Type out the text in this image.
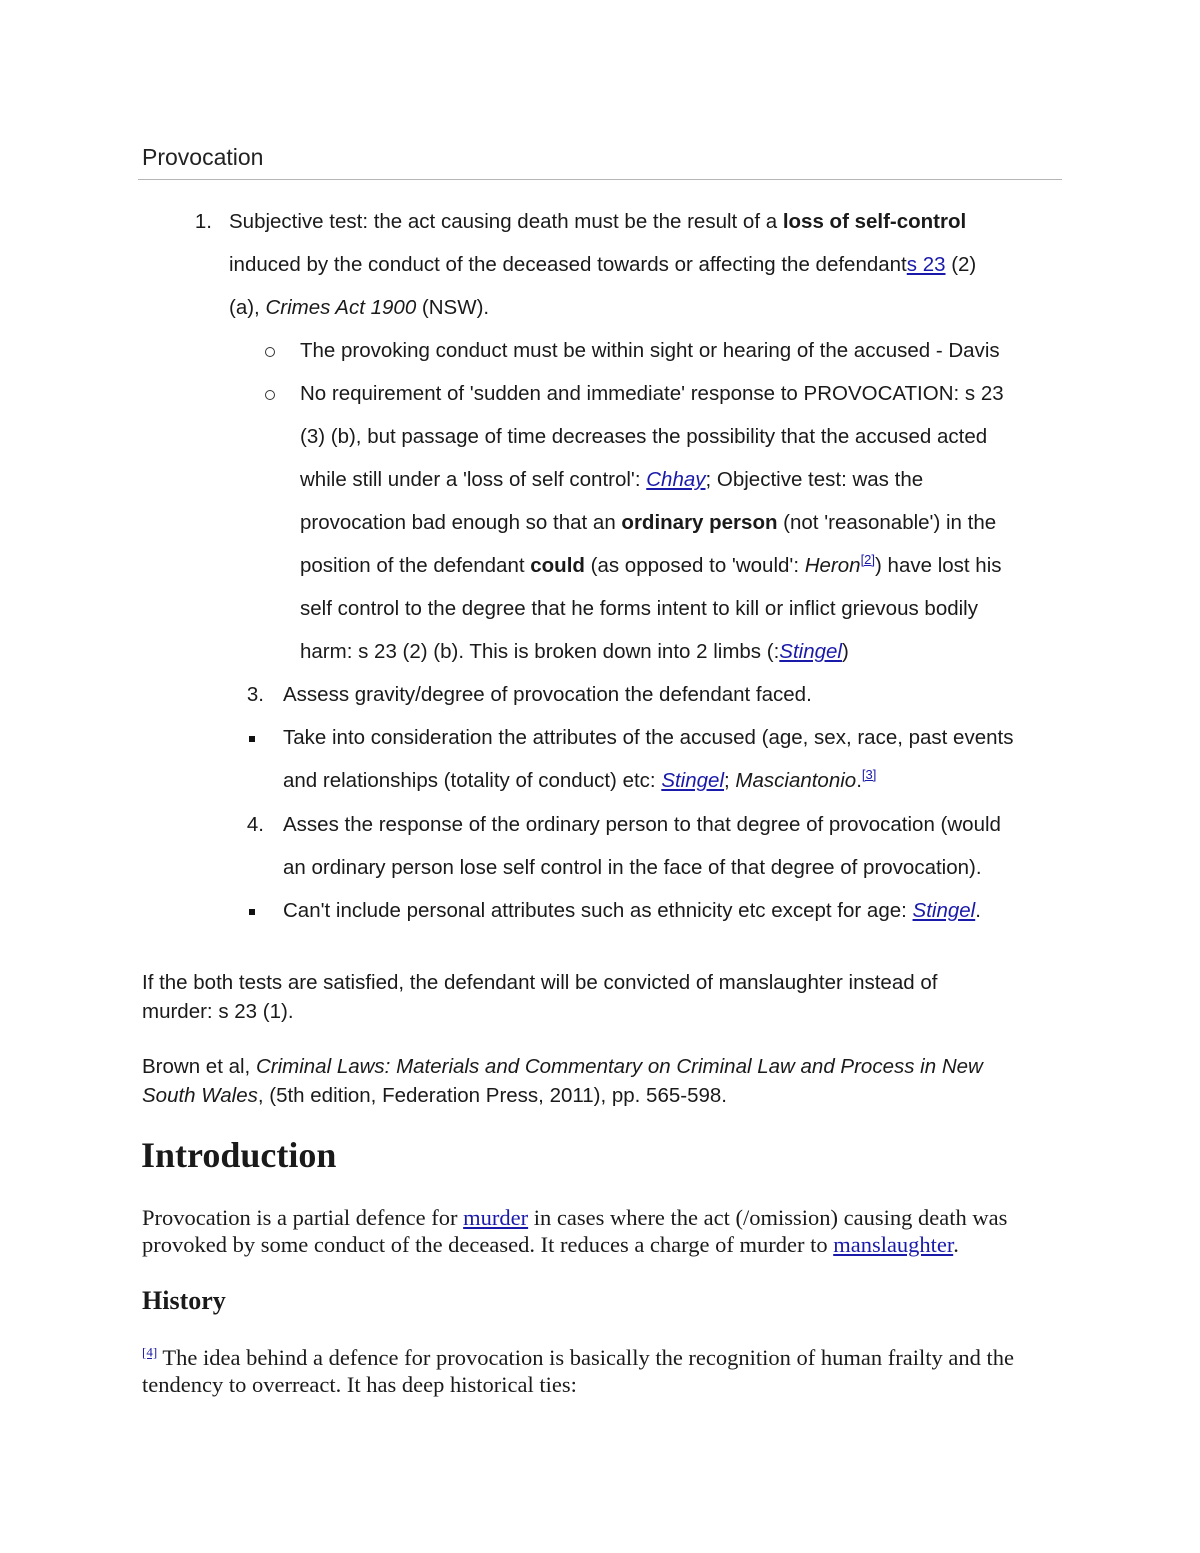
Provocation
1. Subjective test: the act causing death must be the result of a loss of self-control
induced by the conduct of the deceased towards or affecting the defendants 23 (2)
(a), Crimes Act 1900 (NSW).
The provoking conduct must be within sight or hearing of the accused - Davis
No requirement of 'sudden and immediate' response to PROVOCATION: s 23
(3) (b), but passage of time decreases the possibility that the accused acted
while still under a 'loss of self control': Chhay; Objective test: was the
provocation bad enough so that an ordinary person (not 'reasonable') in the
position of the defendant could (as opposed to 'would': Heron[2]) have lost his
self control to the degree that he forms intent to kill or inflict grievous bodily
harm: s 23 (2) (b). This is broken down into 2 limbs (:Stingel)
3. Assess gravity/degree of provocation the defendant faced.
Take into consideration the attributes of the accused (age, sex, race, past events
and relationships (totality of conduct) etc: Stingel; Masciantonio.[3]
4. Asses the response of the ordinary person to that degree of provocation (would
an ordinary person lose self control in the face of that degree of provocation).
Can't include personal attributes such as ethnicity etc except for age: Stingel.
If the both tests are satisfied, the defendant will be convicted of manslaughter instead of
murder: s 23 (1).
Brown et al, Criminal Laws: Materials and Commentary on Criminal Law and Process in New
South Wales, (5th edition, Federation Press, 2011), pp. 565-598.
Introduction
Provocation is a partial defence for murder in cases where the act (/omission) causing death was
provoked by some conduct of the deceased. It reduces a charge of murder to manslaughter.
History
[4] The idea behind a defence for provocation is basically the recognition of human frailty and the
tendency to overreact. It has deep historical ties:
